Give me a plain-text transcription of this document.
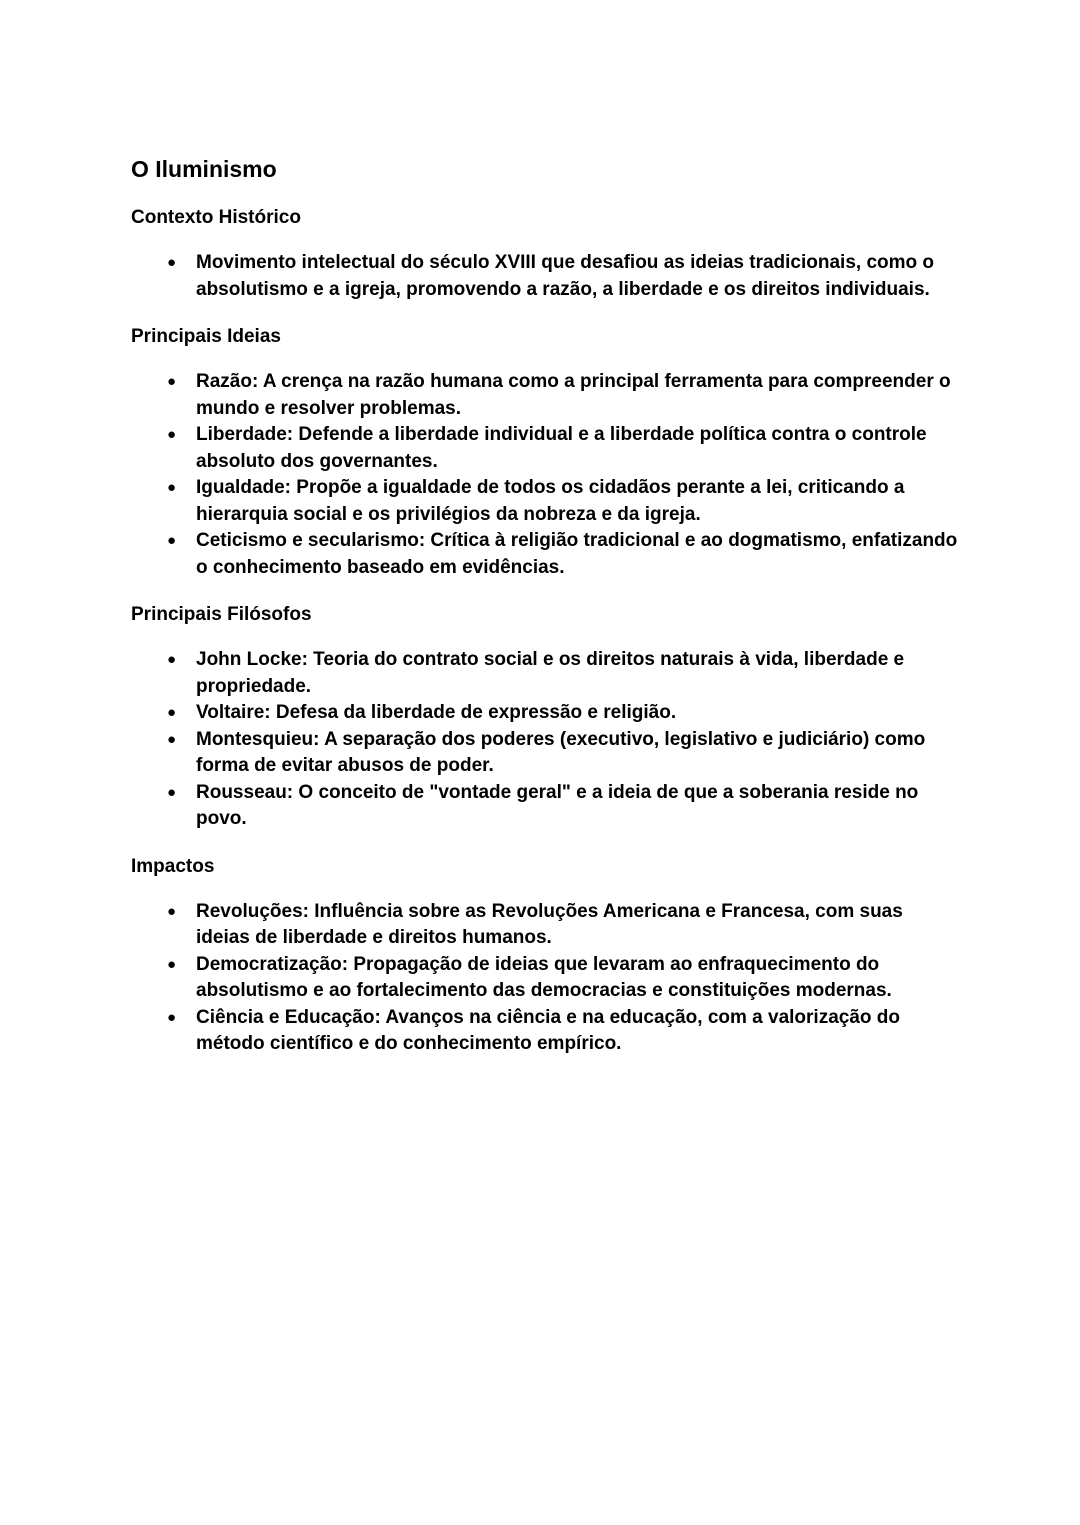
O Iluminismo
Contexto Histórico
● Movimento intelectual do século XVIII que desafiou as ideias tradicionais, como o absolutismo e a igreja, promovendo a razão, a liberdade e os direitos individuais.
Principais Ideias
● Razão: A crença na razão humana como a principal ferramenta para compreender o mundo e resolver problemas.
● Liberdade: Defende a liberdade individual e a liberdade política contra o controle absoluto dos governantes.
● Igualdade: Propõe a igualdade de todos os cidadãos perante a lei, criticando a hierarquia social e os privilégios da nobreza e da igreja.
● Ceticismo e secularismo: Crítica à religião tradicional e ao dogmatismo, enfatizando o conhecimento baseado em evidências.
Principais Filósofos
● John Locke: Teoria do contrato social e os direitos naturais à vida, liberdade e propriedade.
● Voltaire: Defesa da liberdade de expressão e religião.
● Montesquieu: A separação dos poderes (executivo, legislativo e judiciário) como forma de evitar abusos de poder.
● Rousseau: O conceito de "vontade geral" e a ideia de que a soberania reside no povo.
Impactos
● Revoluções: Influência sobre as Revoluções Americana e Francesa, com suas ideias de liberdade e direitos humanos.
● Democratização: Propagação de ideias que levaram ao enfraquecimento do absolutismo e ao fortalecimento das democracias e constituições modernas.
● Ciência e Educação: Avanços na ciência e na educação, com a valorização do método científico e do conhecimento empírico.
